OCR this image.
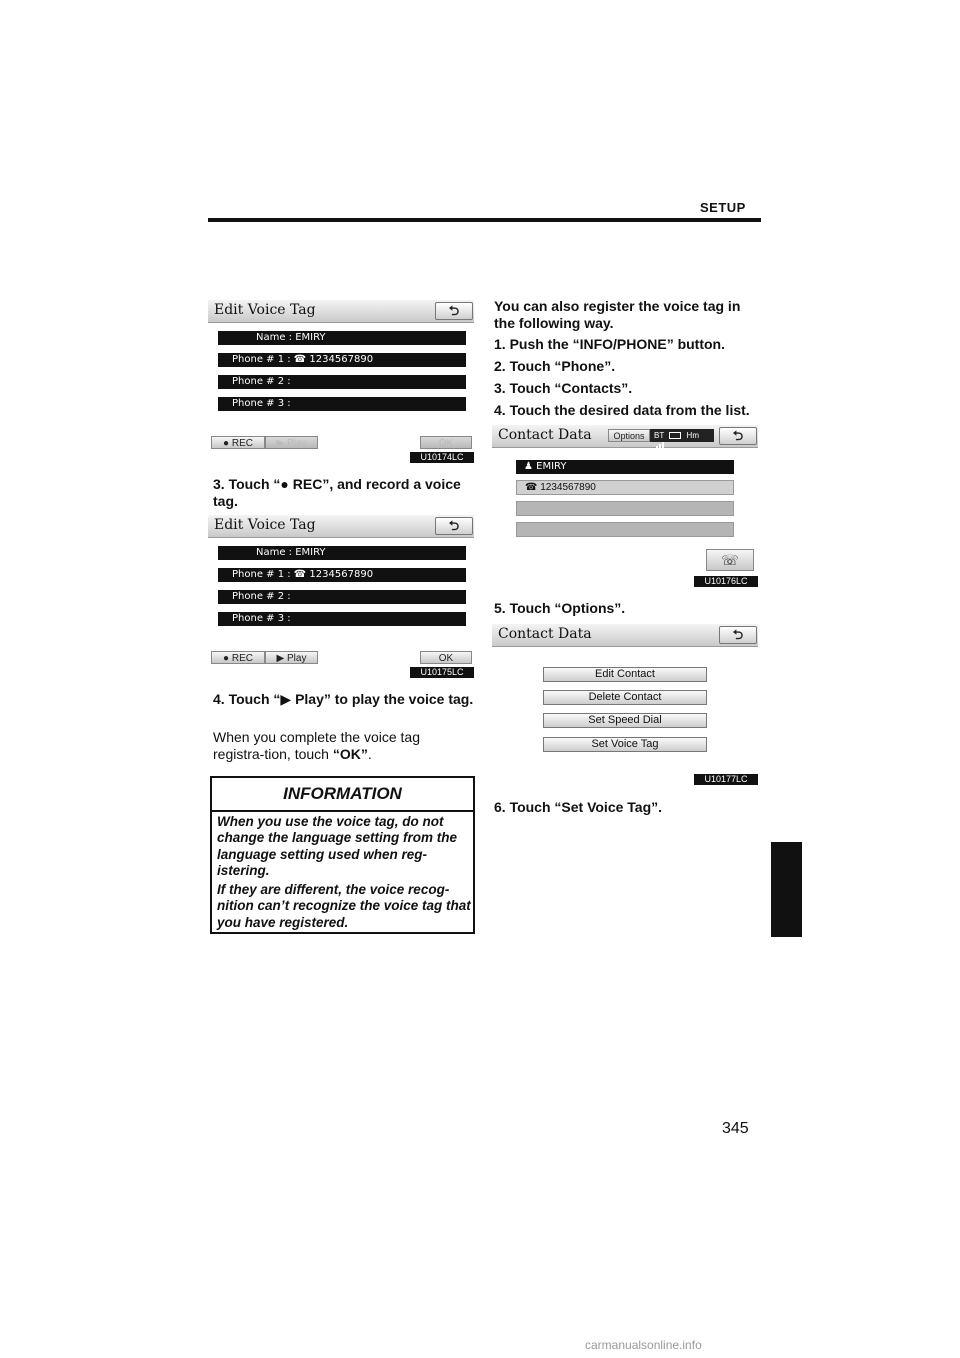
SETUP
Edit Voice Tag	⮌
Name : EMIRY
Phone # 1 : ☎ 1234567890
Phone # 2 :
Phone # 3 :
● REC	▶ Play	OK
U10174LC
3. Touch “● REC”, and record a voice tag.
Edit Voice Tag	⮌
Name : EMIRY
Phone # 1 : ☎ 1234567890
Phone # 2 :
Phone # 3 :
● REC	▶ Play	OK
U10175LC
4. Touch “▶ Play” to play the voice tag.
When you complete the voice tag registra-tion, touch “OK”.
INFORMATION
When you use the voice tag, do not change the language setting from the language setting used when reg-istering.
If they are different, the voice recog-nition can’t recognize the voice tag that you have registered.
You can also register the voice tag in the following way.
1. Push the “INFO/PHONE” button.
2. Touch “Phone”.
3. Touch “Contacts”.
4. Touch the desired data from the list.
Contact Data	Options	BT	Hm	⮌
♟ EMIRY
☎ 1234567890
☏
U10176LC
5. Touch “Options”.
Contact Data	⮌
Edit Contact
Delete Contact
Set Speed Dial
Set Voice Tag
U10177LC
6. Touch “Set Voice Tag”.
345
carmanualsonline.info
